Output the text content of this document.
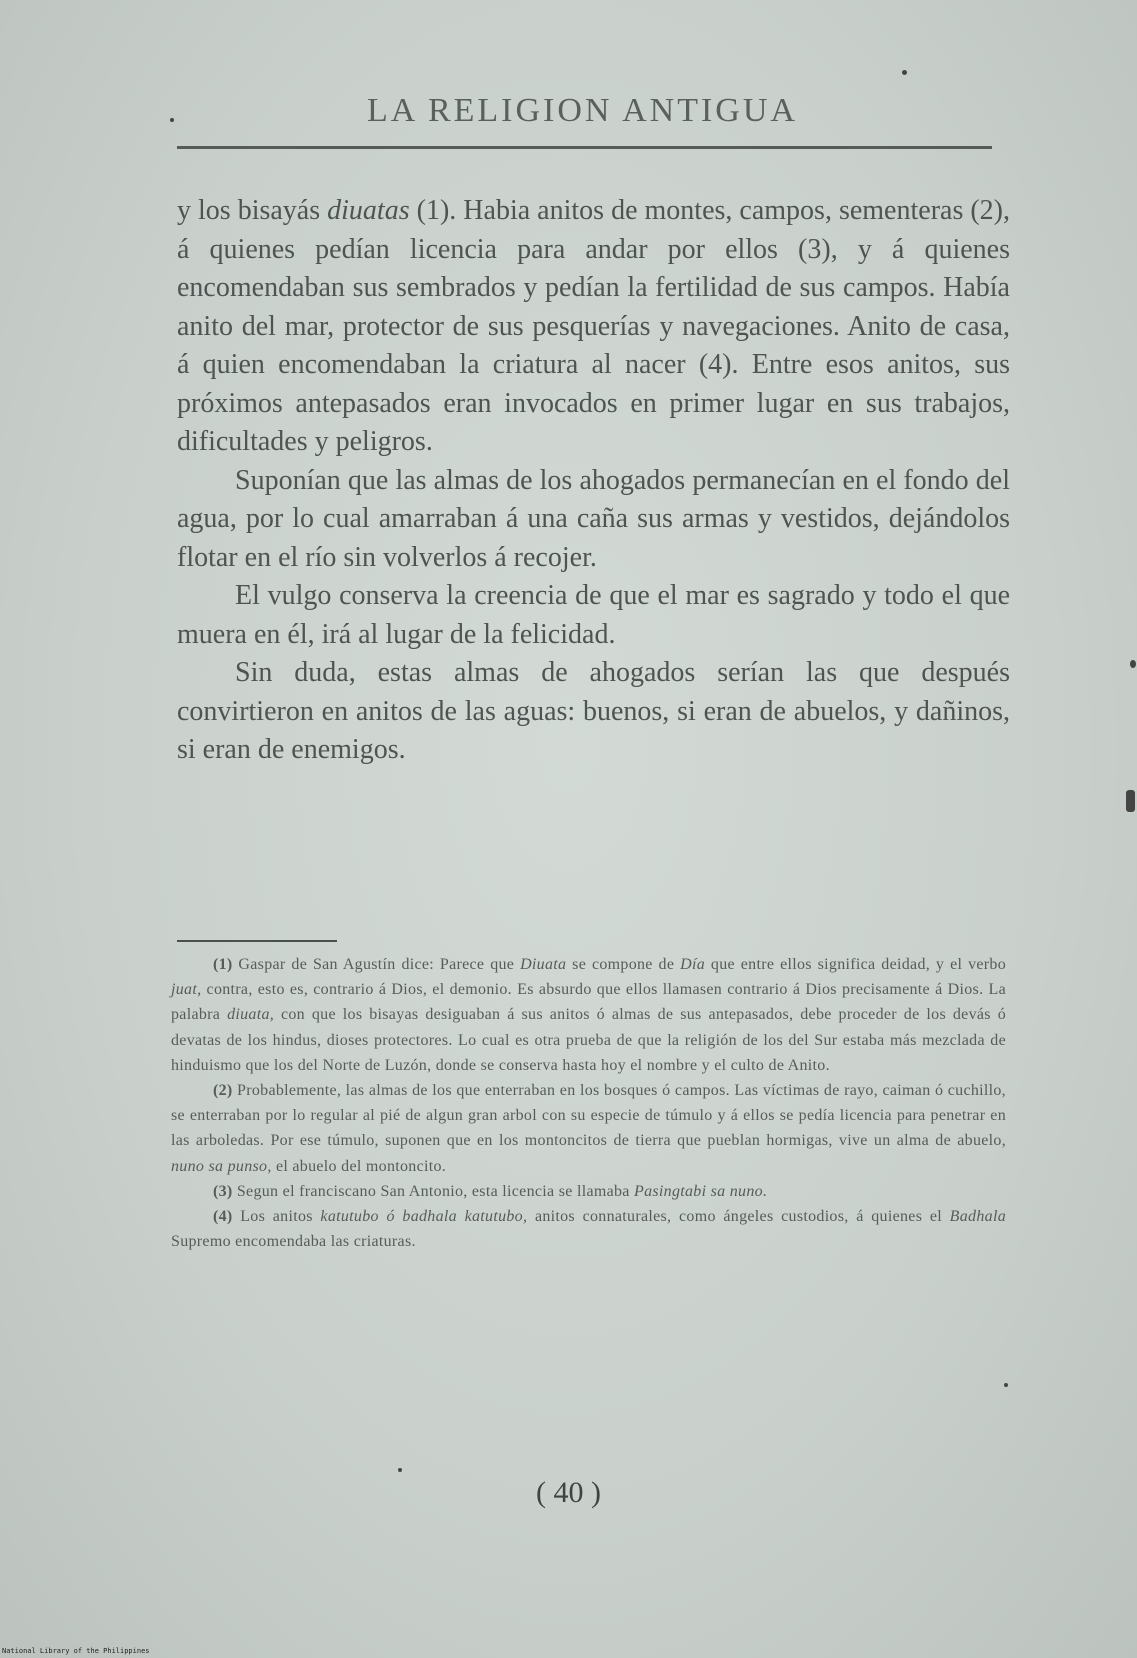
LA RELIGION ANTIGUA

y los bisayás diuatas (1). Habia anitos de montes, campos, sementeras (2), á quienes pedían licencia para andar por ellos (3), y á quienes encomendaban sus sembrados y pedían la fertilidad de sus campos. Había anito del mar, protector de sus pesquerías y navegaciones. Anito de casa, á quien encomendaban la criatura al nacer (4). Entre esos anitos, sus próximos antepasados eran invocados en primer lugar en sus trabajos, dificultades y peligros.

Suponían que las almas de los ahogados permanecían en el fondo del agua, por lo cual amarraban á una caña sus armas y vestidos, dejándolos flotar en el río sin volverlos á recojer.

El vulgo conserva la creencia de que el mar es sagrado y todo el que muera en él, irá al lugar de la felicidad.

Sin duda, estas almas de ahogados serían las que después convirtieron en anitos de las aguas: buenos, si eran de abuelos, y dañinos, si eran de enemigos.

(1) Gaspar de San Agustín dice: Parece que Diuata se compone de Día que entre ellos significa deidad, y el verbo juat, contra, esto es, contrario á Dios, el demonio. Es absurdo que ellos llamasen contrario á Dios precisamente á Dios. La palabra diuata, con que los bisayas desiguaban á sus anitos ó almas de sus antepasados, debe proceder de los devás ó devatas de los hindus, dioses protectores. Lo cual es otra prueba de que la religión de los del Sur estaba más mezclada de hinduismo que los del Norte de Luzón, donde se conserva hasta hoy el nombre y el culto de Anito.

(2) Probablemente, las almas de los que enterraban en los bosques ó campos. Las víctimas de rayo, caiman ó cuchillo, se enterraban por lo regular al pié de algun gran arbol con su especie de túmulo y á ellos se pedía licencia para penetrar en las arboledas. Por ese túmulo, suponen que en los montoncitos de tierra que pueblan hormigas, vive un alma de abuelo, nuno sa punso, el abuelo del montoncito.

(3) Segun el franciscano San Antonio, esta licencia se llamaba Pasingtabi sa nuno.

(4) Los anitos katutubo ó badhala katutubo, anitos connaturales, como ángeles custodios, á quienes el Badhala Supremo encomendaba las criaturas.

( 40 )
National Library of the Philippines
